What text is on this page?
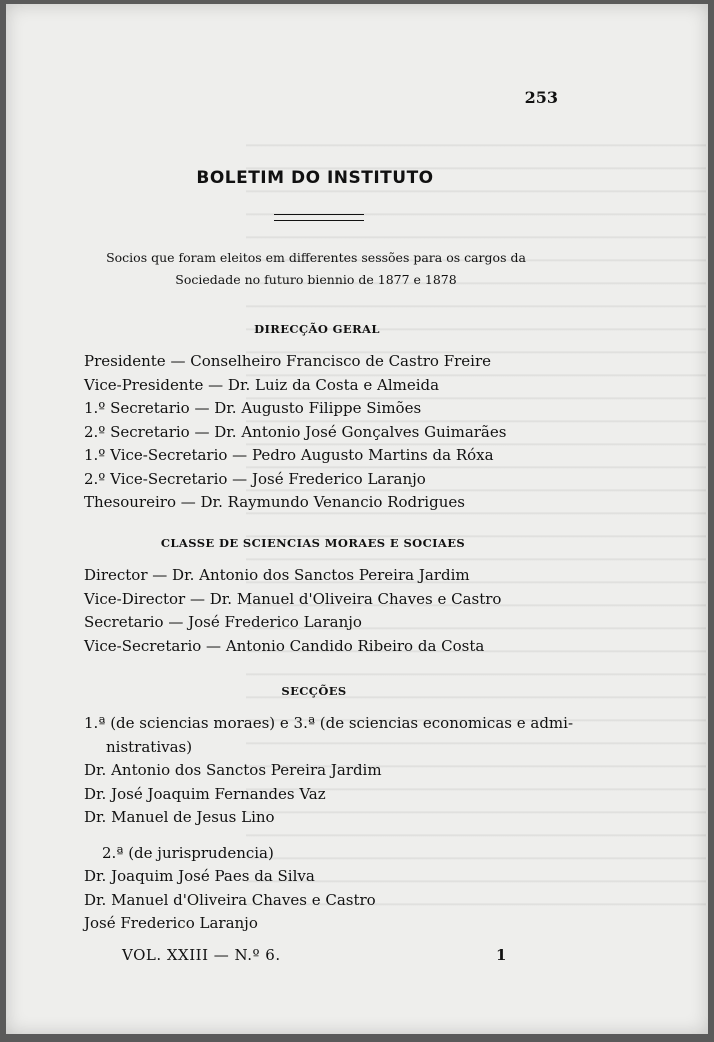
253
BOLETIM DO INSTITUTO
Socios que foram eleitos em differentes sessões para os cargos da Sociedade no futuro biennio de 1877 e 1878
DIRECÇÃO GERAL
Presidente — Conselheiro Francisco de Castro Freire
Vice-Presidente — Dr. Luiz da Costa e Almeida
1.º Secretario — Dr. Augusto Filippe Simões
2.º Secretario — Dr. Antonio José Gonçalves Guimarães
1.º Vice-Secretario — Pedro Augusto Martins da Róxa
2.º Vice-Secretario — José Frederico Laranjo
Thesoureiro — Dr. Raymundo Venancio Rodrigues
CLASSE DE SCIENCIAS MORAES E SOCIAES
Director — Dr. Antonio dos Sanctos Pereira Jardim
Vice-Director — Dr. Manuel d'Oliveira Chaves e Castro
Secretario — José Frederico Laranjo
Vice-Secretario — Antonio Candido Ribeiro da Costa
SECÇÕES
1.ª (de sciencias moraes) e 3.ª (de sciencias economicas e admi-
nistrativas)
Dr. Antonio dos Sanctos Pereira Jardim
Dr. José Joaquim Fernandes Vaz
Dr. Manuel de Jesus Lino
2.ª (de jurisprudencia)
Dr. Joaquim José Paes da Silva
Dr. Manuel d'Oliveira Chaves e Castro
José Frederico Laranjo
VOL. XXIII — N.º 6.	1
